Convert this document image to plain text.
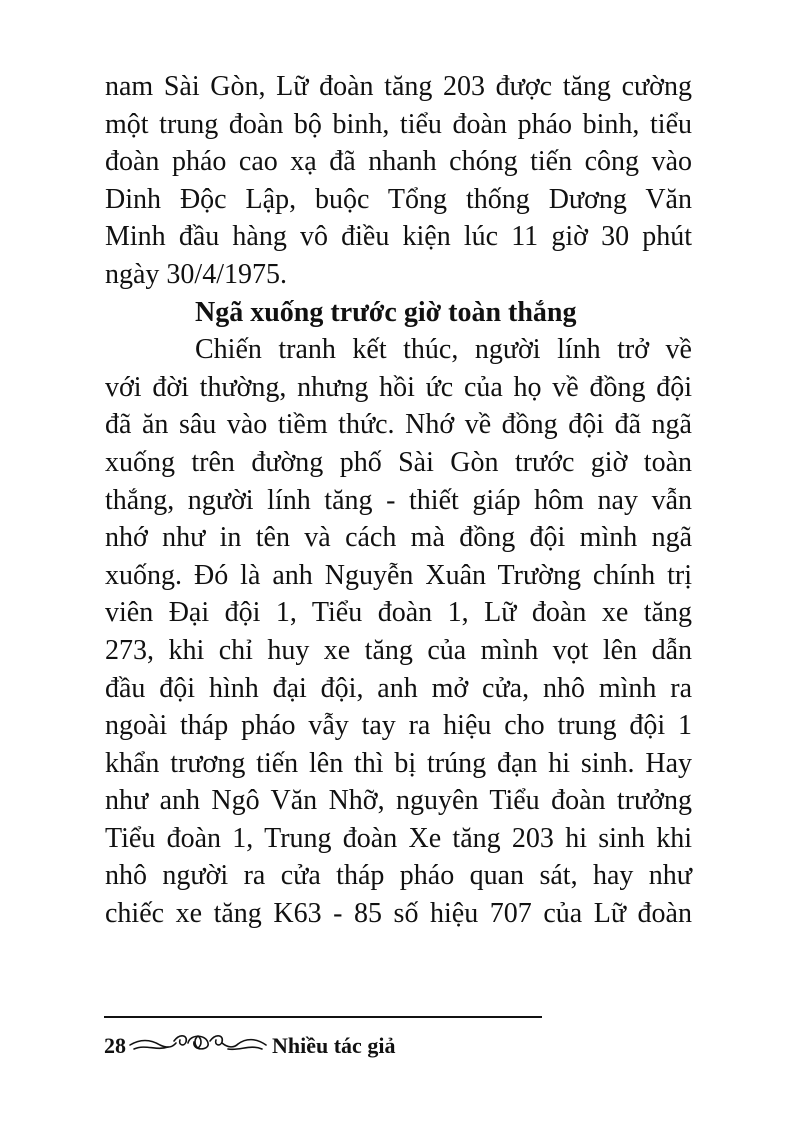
nam Sài Gòn, Lữ đoàn tăng 203 được tăng cường
một trung đoàn bộ binh, tiểu đoàn pháo binh, tiểu
đoàn pháo cao xạ đã nhanh chóng tiến công vào
Dinh Độc Lập, buộc Tổng thống Dương Văn
Minh đầu hàng vô điều kiện lúc 11 giờ 30 phút
ngày 30/4/1975.
Ngã xuống trước giờ toàn thắng
Chiến tranh kết thúc, người lính trở về
với đời thường, nhưng hồi ức của họ về đồng đội
đã ăn sâu vào tiềm thức. Nhớ về đồng đội đã ngã
xuống trên đường phố Sài Gòn trước giờ toàn
thắng, người lính tăng - thiết giáp hôm nay vẫn
nhớ như in tên và cách mà đồng đội mình ngã
xuống. Đó là anh Nguyễn Xuân Trường chính trị
viên Đại đội 1, Tiểu đoàn 1, Lữ đoàn xe tăng
273, khi chỉ huy xe tăng của mình vọt lên dẫn
đầu đội hình đại đội, anh mở cửa, nhô mình ra
ngoài tháp pháo vẫy tay ra hiệu cho trung đội 1
khẩn trương tiến lên thì bị trúng đạn hi sinh. Hay
như anh Ngô Văn Nhỡ, nguyên Tiểu đoàn trưởng
Tiểu đoàn 1, Trung đoàn Xe tăng 203 hi sinh khi
nhô người ra cửa tháp pháo quan sát, hay như
chiếc xe tăng K63 - 85 số hiệu 707 của Lữ đoàn
28	Nhiều tác giả
